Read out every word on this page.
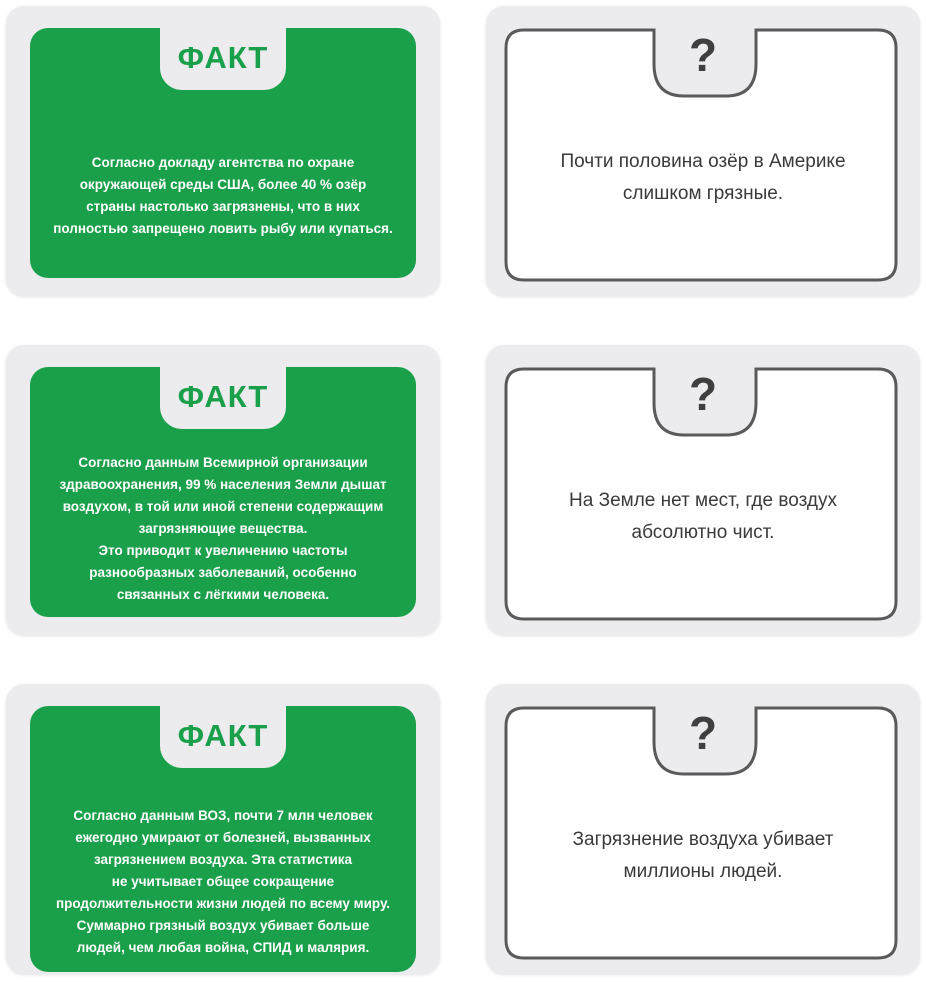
ФАКТ
Согласно докладу агентства по охране
окружающей среды США, более 40 % озёр
страны настолько загрязнены, что в них
полностью запрещено ловить рыбу или купаться.
?
Почти половина озёр в Америке
слишком грязные.
ФАКТ
Согласно данным Всемирной организации
здравоохранения, 99 % населения Земли дышат
воздухом, в той или иной степени содержащим
загрязняющие вещества.
Это приводит к увеличению частоты
разнообразных заболеваний, особенно
связанных с лёгкими человека.
?
На Земле нет мест, где воздух
абсолютно чист.
ФАКТ
Согласно данным ВОЗ, почти 7 млн человек
ежегодно умирают от болезней, вызванных
загрязнением воздуха. Эта статистика
не учитывает общее сокращение
продолжительности жизни людей по всему миру.
Суммарно грязный воздух убивает больше
людей, чем любая война, СПИД и малярия.
?
Загрязнение воздуха убивает
миллионы людей.
